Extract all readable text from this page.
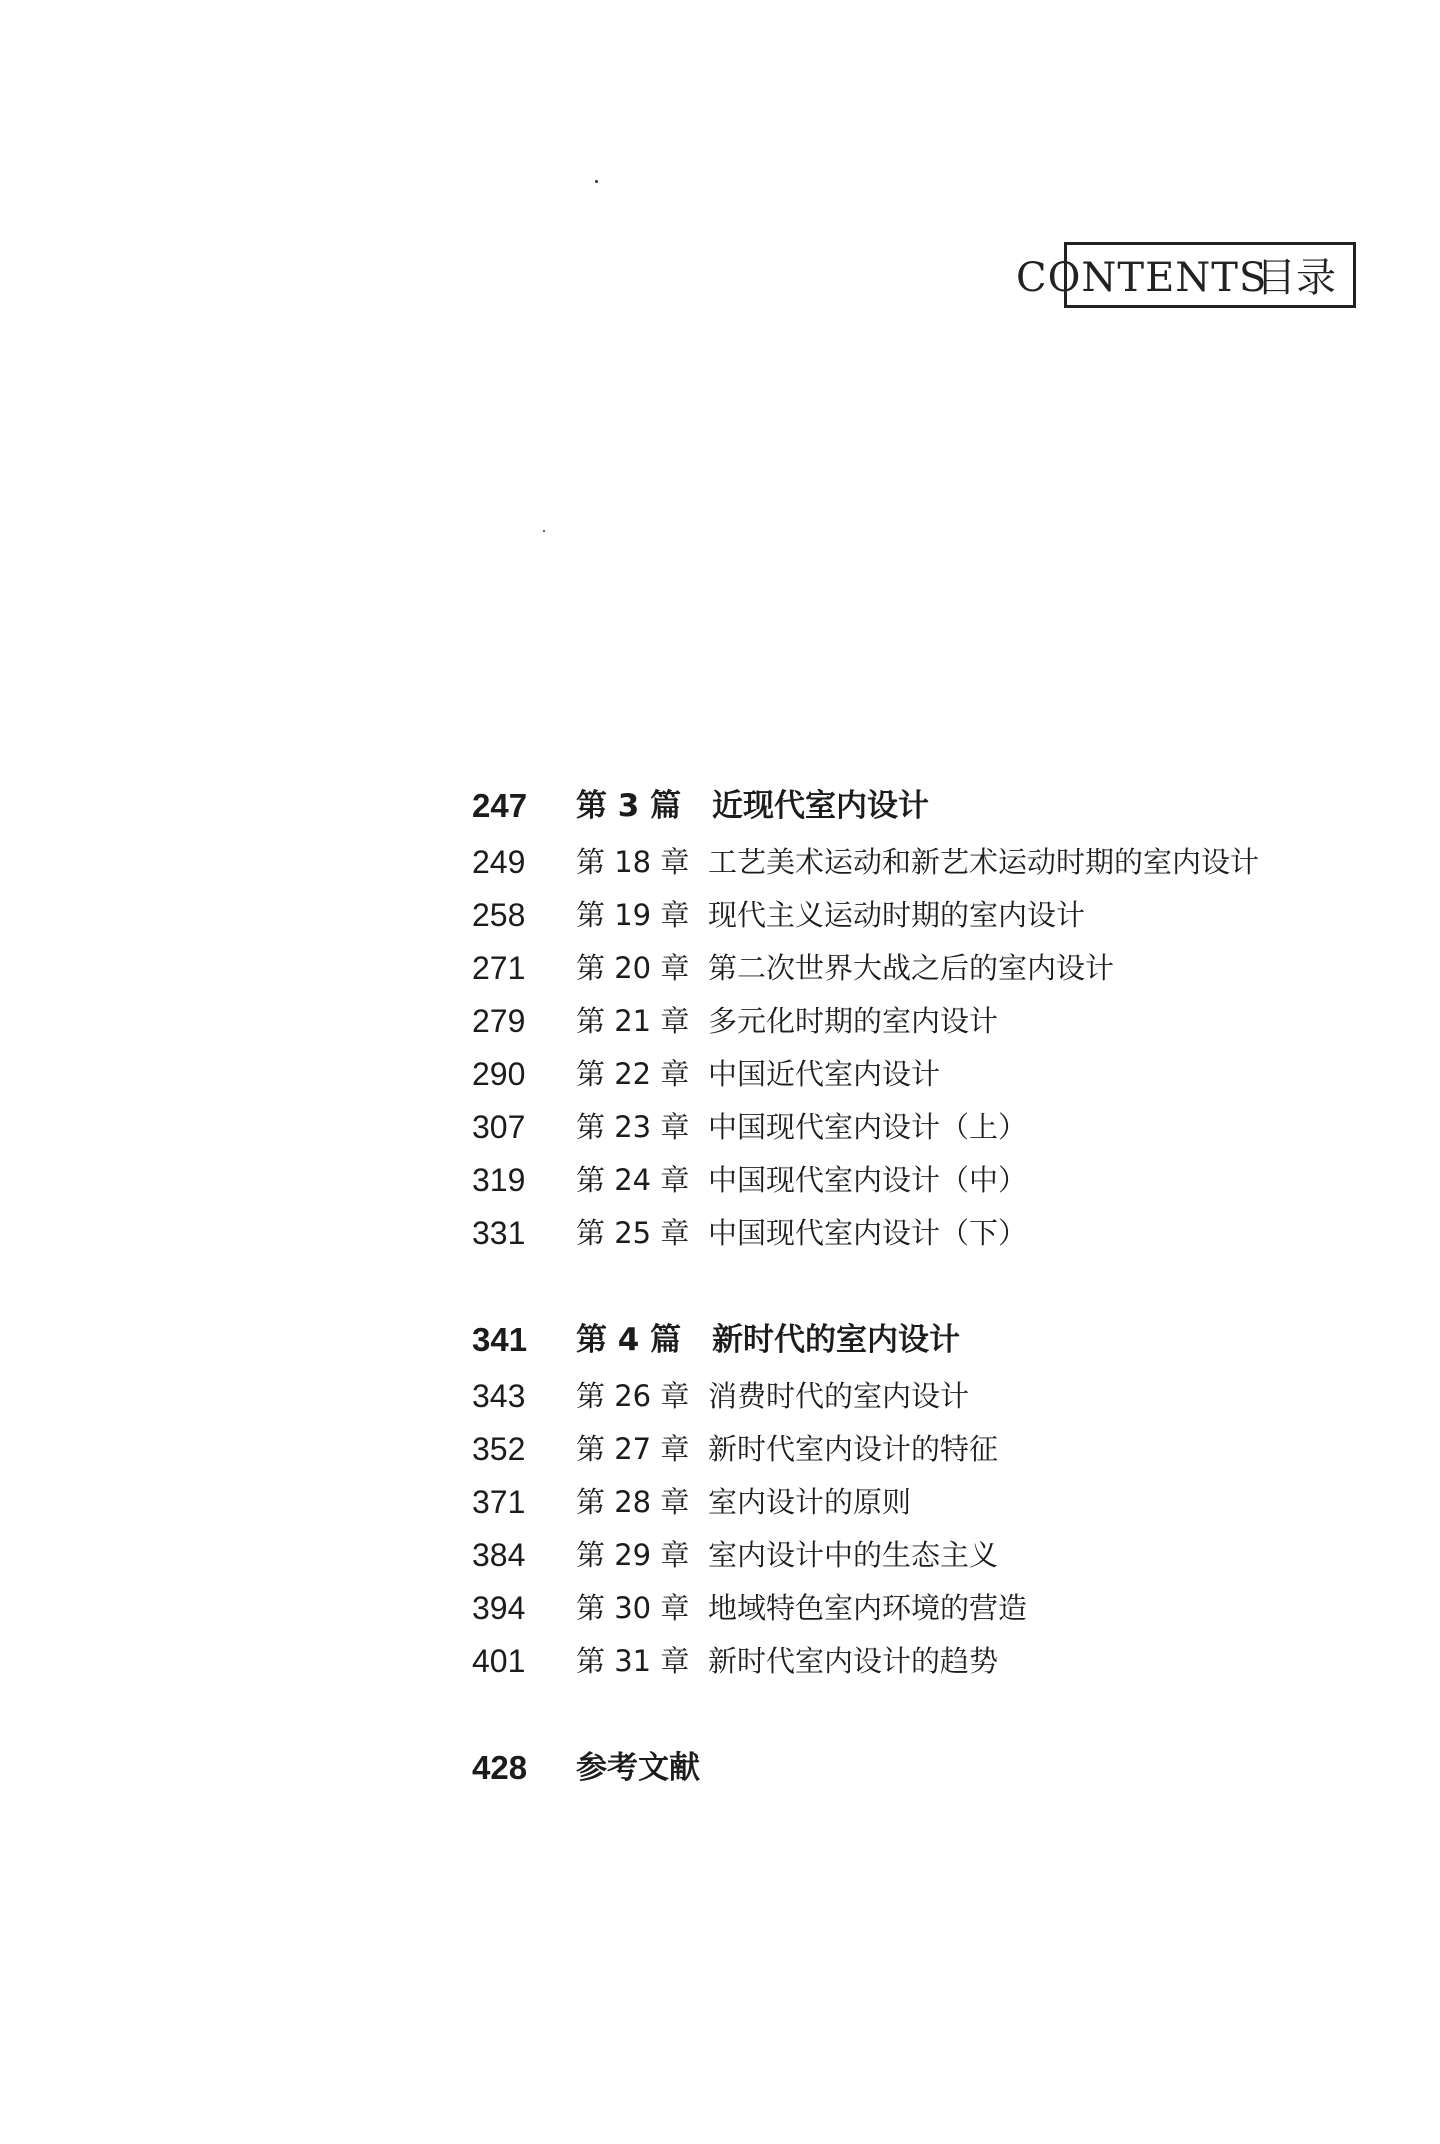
CONTENTS
目录
247 第 3 篇 近现代室内设计
249 第 18 章 工艺美术运动和新艺术运动时期的室内设计
258 第 19 章 现代主义运动时期的室内设计
271 第 20 章 第二次世界大战之后的室内设计
279 第 21 章 多元化时期的室内设计
290 第 22 章 中国近代室内设计
307 第 23 章 中国现代室内设计（上）
319 第 24 章 中国现代室内设计（中）
331 第 25 章 中国现代室内设计（下）
341 第 4 篇 新时代的室内设计
343 第 26 章 消费时代的室内设计
352 第 27 章 新时代室内设计的特征
371 第 28 章 室内设计的原则
384 第 29 章 室内设计中的生态主义
394 第 30 章 地域特色室内环境的营造
401 第 31 章 新时代室内设计的趋势
428 参考文献
